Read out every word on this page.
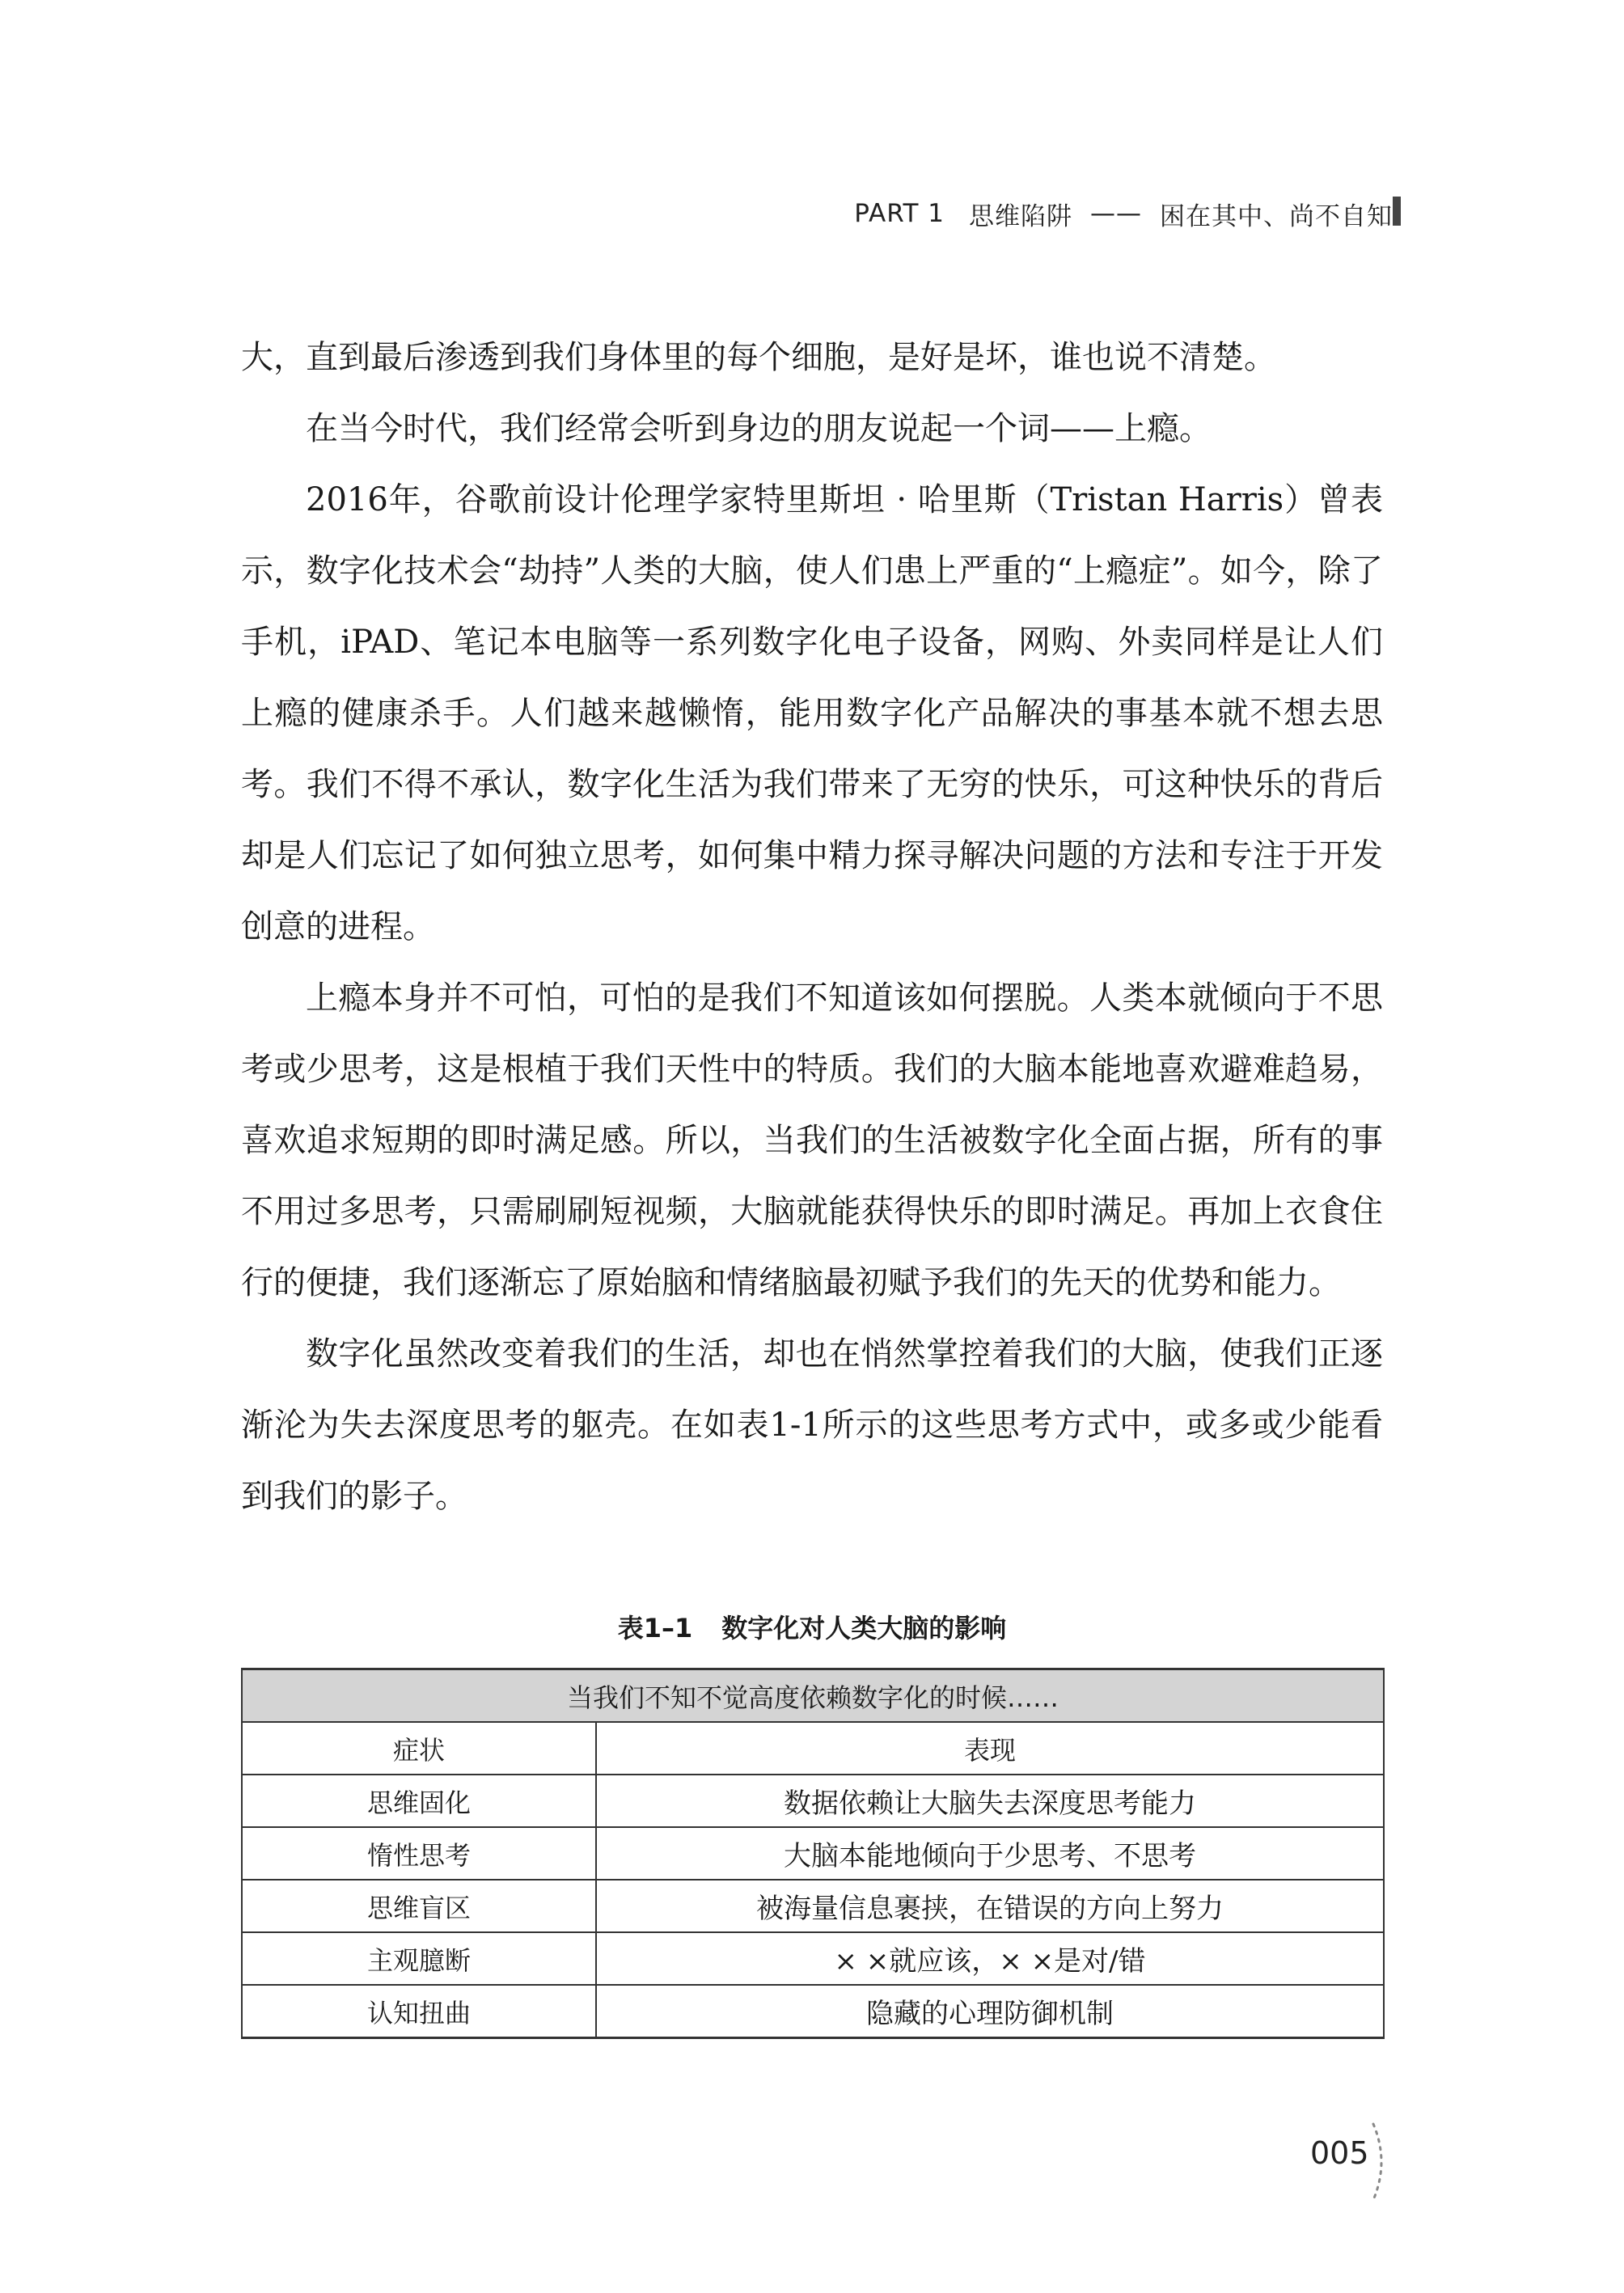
PART 1 思维陷阱 —— 困在其中、尚不自知

大，直到最后渗透到我们身体里的每个细胞，是好是坏，谁也说不清楚。

在当今时代，我们经常会听到身边的朋友说起一个词——上瘾。

2016年，谷歌前设计伦理学家特里斯坦 · 哈里斯（Tristan Harris）曾表示，数字化技术会“劫持”人类的大脑，使人们患上严重的“上瘾症”。如今，除了手机，iPAD、笔记本电脑等一系列数字化电子设备，网购、外卖同样是让人们上瘾的健康杀手。人们越来越懒惰，能用数字化产品解决的事基本就不想去思考。我们不得不承认，数字化生活为我们带来了无穷的快乐，可这种快乐的背后却是人们忘记了如何独立思考，如何集中精力探寻解决问题的方法和专注于开发创意的进程。

上瘾本身并不可怕，可怕的是我们不知道该如何摆脱。人类本就倾向于不思考或少思考，这是根植于我们天性中的特质。我们的大脑本能地喜欢避难趋易，喜欢追求短期的即时满足感。所以，当我们的生活被数字化全面占据，所有的事不用过多思考，只需刷刷短视频，大脑就能获得快乐的即时满足。再加上衣食住行的便捷，我们逐渐忘了原始脑和情绪脑最初赋予我们的先天的优势和能力。

数字化虽然改变着我们的生活，却也在悄然掌控着我们的大脑，使我们正逐渐沦为失去深度思考的躯壳。在如表1-1所示的这些思考方式中，或多或少能看到我们的影子。

表1–1 数字化对人类大脑的影响
当我们不知不觉高度依赖数字化的时候……	
症状	表现
思维固化	数据依赖让大脑失去深度思考能力
惰性思考	大脑本能地倾向于少思考、不思考
思维盲区	被海量信息裹挟，在错误的方向上努力
主观臆断	× ×就应该，× ×是对/错
认知扭曲	隐藏的心理防御机制
005
